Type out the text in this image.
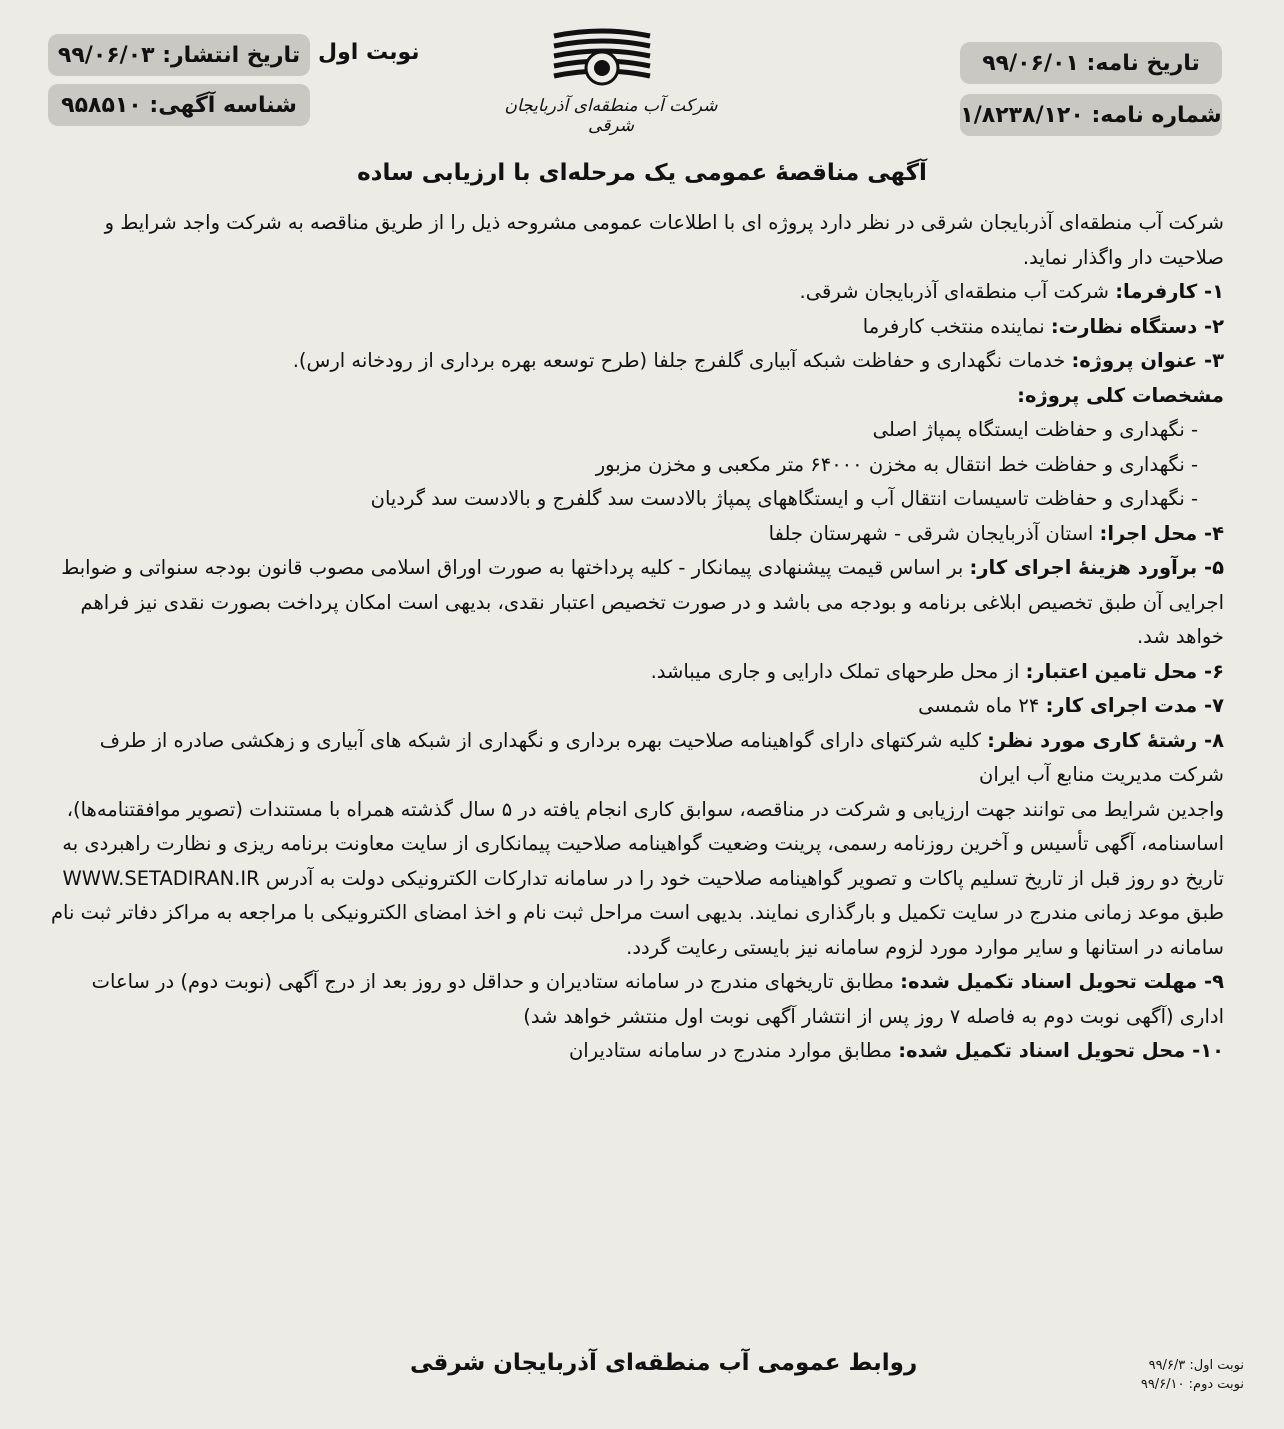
تاریخ نامه: ۹۹/۰۶/۰۱
شماره نامه: ۱/۸۲۳۸/۱۲۰
نوبت اول
تاریخ انتشار: ۹۹/۰۶/۰۳
شناسه آگهی: ۹۵۸۵۱۰	شرکت آب منطقه‌ای آذربایجان شرقی
آگهی مناقصهٔ عمومی یک مرحله‌ای با ارزیابی ساده

شرکت آب منطقه‌ای آذربایجان شرقی در نظر دارد پروژه ای با اطلاعات عمومی مشروحه ذیل را از طریق مناقصه به شرکت واجد شرایط و صلاحیت دار واگذار نماید.

۱- کارفرما: شرکت آب منطقه‌ای آذربایجان شرقی.

۲- دستگاه نظارت: نماینده منتخب کارفرما

۳- عنوان پروژه: خدمات نگهداری و حفاظت شبکه آبیاری گلفرج جلفا (طرح توسعه بهره برداری از رودخانه ارس).

مشخصات کلی پروژه:

- نگهداری و حفاظت ایستگاه پمپاژ اصلی

- نگهداری و حفاظت خط انتقال به مخزن ۶۴۰۰۰ متر مکعبی و مخزن مزبور

- نگهداری و حفاظت تاسیسات انتقال آب و ایستگاههای پمپاژ بالادست سد گلفرج و بالادست سد گردیان

۴- محل اجرا: استان آذربایجان شرقی - شهرستان جلفا

۵- برآورد هزینهٔ اجرای کار: بر اساس قیمت پیشنهادی پیمانکار - کلیه پرداختها به صورت اوراق اسلامی مصوب قانون بودجه سنواتی و ضوابط اجرایی آن طبق تخصیص ابلاغی برنامه و بودجه می باشد و در صورت تخصیص اعتبار نقدی، بدیهی است امکان پرداخت بصورت نقدی نیز فراهم خواهد شد.

۶- محل تامین اعتبار: از محل طرحهای تملک دارایی و جاری میباشد.

۷- مدت اجرای کار: ۲۴ ماه شمسی

۸- رشتهٔ کاری مورد نظر: کلیه شرکتهای دارای گواهینامه صلاحیت بهره برداری و نگهداری از شبکه های آبیاری و زهکشی صادره از طرف شرکت مدیریت منابع آب ایران

واجدین شرایط می توانند جهت ارزیابی و شرکت در مناقصه، سوابق کاری انجام یافته در ۵ سال گذشته همراه با مستندات (تصویر موافقتنامه‌ها)، اساسنامه، آگهی تأسیس و آخرین روزنامه رسمی، پرینت وضعیت گواهینامه صلاحیت پیمانکاری از سایت معاونت برنامه ریزی و نظارت راهبردی به تاریخ دو روز قبل از تاریخ تسلیم پاکات و تصویر گواهینامه صلاحیت خود را در سامانه تدارکات الکترونیکی دولت به آدرس WWW.SETADIRAN.IR طبق موعد زمانی مندرج در سایت تکمیل و بارگذاری نمایند. بدیهی است مراحل ثبت نام و اخذ امضای الکترونیکی با مراجعه به مراکز دفاتر ثبت نام سامانه در استانها و سایر موارد مورد لزوم سامانه نیز بایستی رعایت گردد.

۹- مهلت تحویل اسناد تکمیل شده: مطابق تاریخهای مندرج در سامانه ستادیران و حداقل دو روز بعد از درج آگهی (نوبت دوم) در ساعات اداری (آگهی نوبت دوم به فاصله ۷ روز پس از انتشار آگهی نوبت اول منتشر خواهد شد)

۱۰- محل تحویل اسناد تکمیل شده: مطابق موارد مندرج در سامانه ستادیران

روابط عمومی آب منطقه‌ای آذربایجان شرقی	نوبت اول: ۹۹/۶/۳
نوبت دوم: ۹۹/۶/۱۰
